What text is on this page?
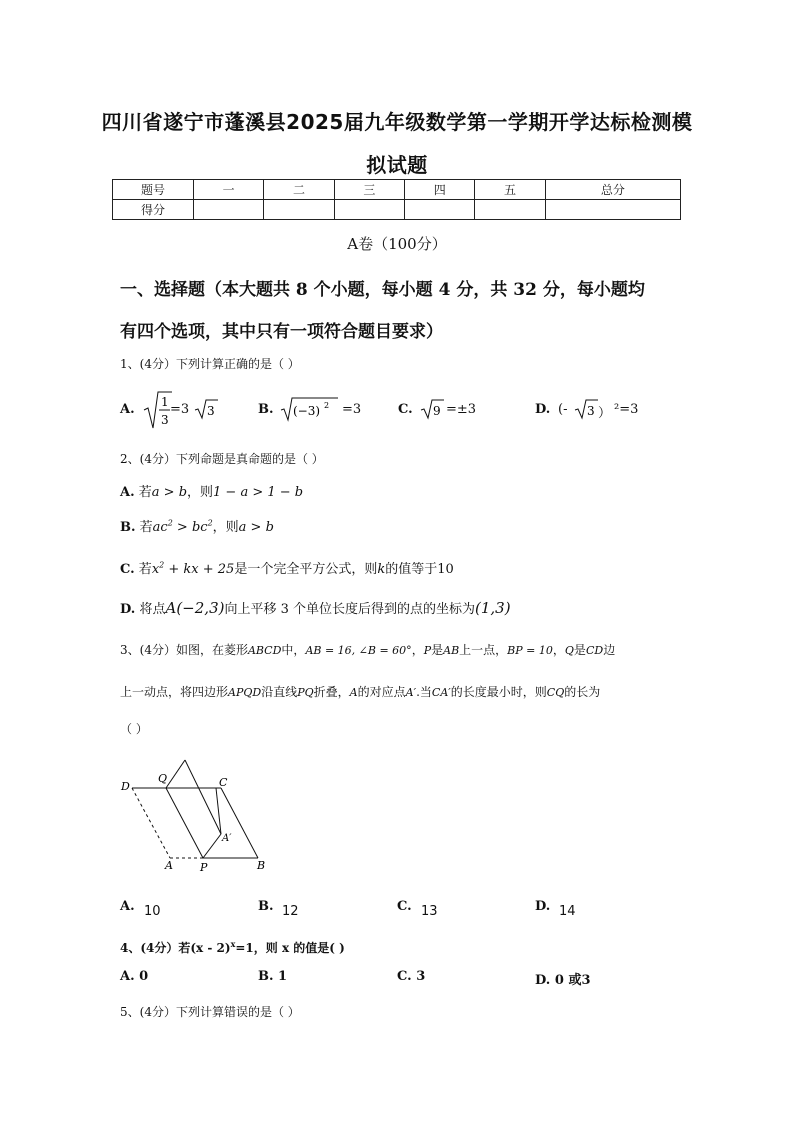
四川省遂宁市蓬溪县2025届九年级数学第一学期开学达标检测模
拟试题
题号	一	二	三	四	五	总分
得分						
A卷（100分）
一、选择题（本大题共 8 个小题，每小题 4 分，共 32 分，每小题均
有四个选项，其中只有一项符合题目要求）
1、(4分）下列计算正确的是（ ）
A. 1
3
=3 3	B. (−3) 2 =3	C. 9 =±3	D. (- 3 ） ²=3
2、(4分）下列命题是真命题的是（ ）
A. 若a > b，则1 − a > 1 − b
B. 若$ac^2 > bc^2$，则a > b
C. 若$x^2$ + kx + 25是一个完全平方公式，则k的值等于10
D. 将点A(−2,3)向上平移 3 个单位长度后得到的点的坐标为(1,3)
3、(4分）如图，在菱形ABCD中，AB = 16, ∠B = 60°，P是AB上一点，BP = 10，Q是CD边
上一动点，将四边形APQD沿直线PQ折叠，A的对应点A′.当CA′的长度最小时，则CQ的长为
（ ）
D
Q	C
A′
A P	B
A. 10	B. 12	C. 13	D. 14
4、(4分）若(x - 2)$^x$=1，则 x 的值是( )
A. 0	B. 1	C. 3	D. 0 或3
5、(4分）下列计算错误的是（ ）
